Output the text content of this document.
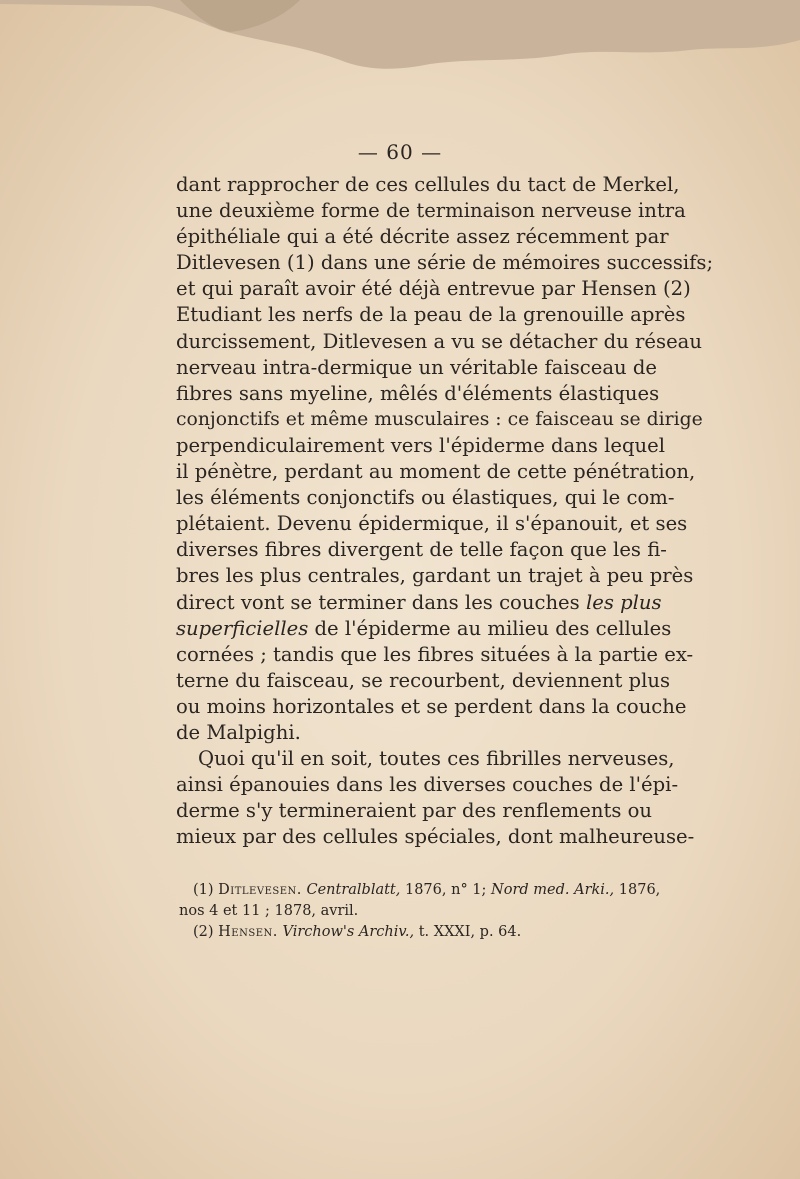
— 60 —
dant rapprocher de ces cellules du tact de Merkel,
une deuxième forme de terminaison nerveuse intra
épithéliale qui a été décrite assez récemment par
Ditlevesen (1) dans une série de mémoires successifs;
et qui paraît avoir été déjà entrevue par Hensen (2)
Etudiant les nerfs de la peau de la grenouille après
durcissement, Ditlevesen a vu se détacher du réseau
nerveau intra-dermique un véritable faisceau de
fibres sans myeline, mêlés d'éléments élastiques
conjonctifs et même musculaires : ce faisceau se dirige
perpendiculairement vers l'épiderme dans lequel
il pénètre, perdant au moment de cette pénétration,
les éléments conjonctifs ou élastiques, qui le com-
plétaient. Devenu épidermique, il s'épanouit, et ses
diverses fibres divergent de telle façon que les fi-
bres les plus centrales, gardant un trajet à peu près
direct vont se terminer dans les couches les plus
superficielles de l'épiderme au milieu des cellules
cornées ; tandis que les fibres situées à la partie ex-
terne du faisceau, se recourbent, deviennent plus
ou moins horizontales et se perdent dans la couche
de Malpighi.
Quoi qu'il en soit, toutes ces fibrilles nerveuses,
ainsi épanouies dans les diverses couches de l'épi-
derme s'y termineraient par des renflements ou
mieux par des cellules spéciales, dont malheureuse-
(1) Ditlevesen. Centralblatt, 1876, n° 1; Nord med. Arki., 1876,
nos 4 et 11 ; 1878, avril.
(2) Hensen. Virchow's Archiv., t. XXXI, p. 64.
